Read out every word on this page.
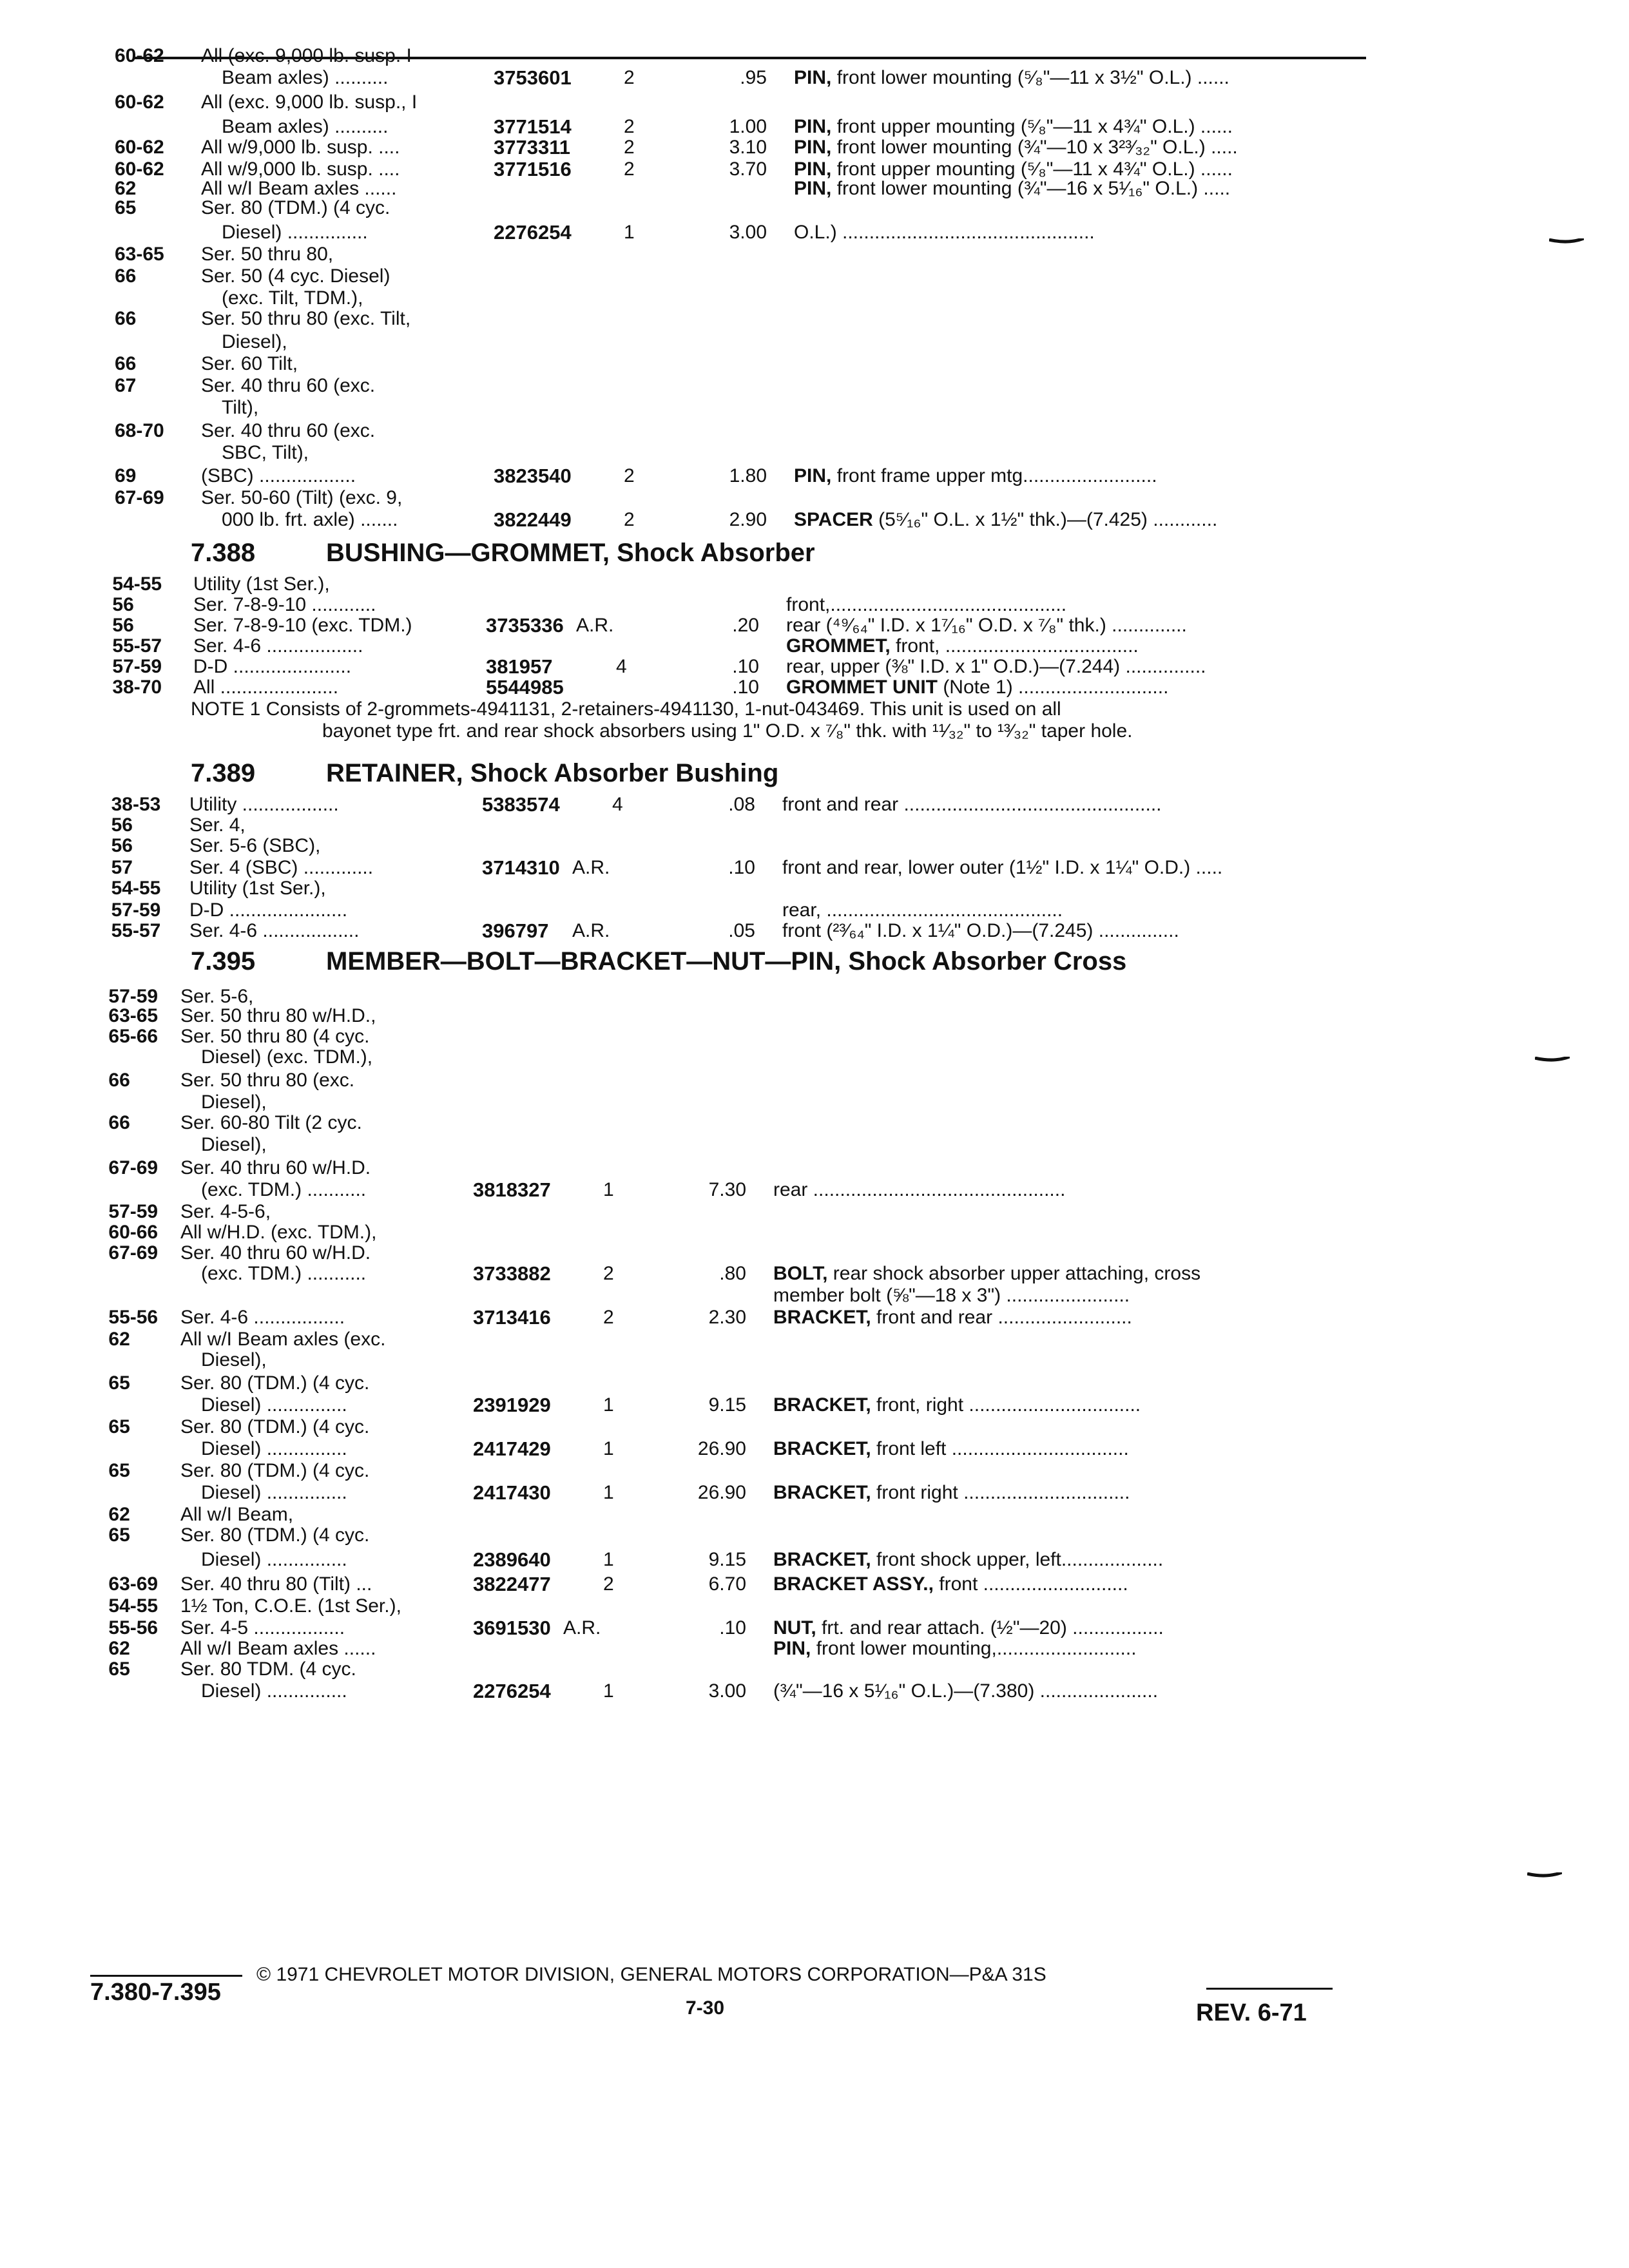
60-62 All (exc. 9,000 lb. susp. I
Beam axles) ..........	3753601	2	.95 PIN, front lower mounting (⁵⁄₈"—11 x 3½" O.L.) ......
60-62 All (exc. 9,000 lb. susp., I
Beam axles) ..........	3771514	2	1.00 PIN, front upper mounting (⁵⁄₈"—11 x 4¾" O.L.) ......
60-62 All w/9,000 lb. susp. ....	3773311	2	3.10 PIN, front lower mounting (¾"—10 x 3²³⁄₃₂" O.L.) .....
60-62 All w/9,000 lb. susp. ....	3771516	2	3.70 PIN, front upper mounting (⁵⁄₈"—11 x 4¾" O.L.) ......
62	All w/I Beam axles ......	PIN, front lower mounting (¾"—16 x 5¹⁄₁₆" O.L.) .....
65	Ser. 80 (TDM.) (4 cyc.
Diesel) ...............	2276254	1	3.00 O.L.) ...............................................
63-65 Ser. 50 thru 80,
66	Ser. 50 (4 cyc. Diesel)
(exc. Tilt, TDM.),
66	Ser. 50 thru 80 (exc. Tilt,
Diesel),
66	Ser. 60 Tilt,
67	Ser. 40 thru 60 (exc.
Tilt),
68-70 Ser. 40 thru 60 (exc.
SBC, Tilt),
69	(SBC) ..................	3823540	2	1.80 PIN, front frame upper mtg.........................
67-69 Ser. 50-60 (Tilt) (exc. 9,
000 lb. frt. axle) .......	3822449	2	2.90 SPACER (5⁵⁄₁₆" O.L. x 1½" thk.)—(7.425) ............
7.388	BUSHING—GROMMET, Shock Absorber
54-55 Utility (1st Ser.),
56	Ser. 7-8-9-10 ............	front,............................................
56	Ser. 7-8-9-10 (exc. TDM.)	3735336 A.R.	.20 rear (⁴⁹⁄₆₄" I.D. x 1⁷⁄₁₆" O.D. x ⁷⁄₈" thk.) ..............
55-57 Ser. 4-6 ..................	GROMMET, front, ....................................
57-59 D-D ......................	381957	4	.10 rear, upper (⅜" I.D. x 1" O.D.)—(7.244) ...............
38-70 All ......................	5544985	.10 GROMMET UNIT (Note 1) ............................
NOTE 1 Consists of 2-grommets-4941131, 2-retainers-4941130, 1-nut-043469. This unit is used on all
bayonet type frt. and rear shock absorbers using 1" O.D. x ⁷⁄₈" thk. with ¹¹⁄₃₂" to ¹³⁄₃₂" taper hole.
7.389	RETAINER, Shock Absorber Bushing
38-53 Utility ..................	5383574	4	.08 front and rear ................................................
56	Ser. 4,
56	Ser. 5-6 (SBC),
57	Ser. 4 (SBC) .............	3714310 A.R.	.10 front and rear, lower outer (1½" I.D. x 1¼" O.D.) .....
54-55 Utility (1st Ser.),
57-59 D-D ......................	rear, ............................................
55-57 Ser. 4-6 ..................	396797 A.R.	.05 front (²³⁄₆₄" I.D. x 1¼" O.D.)—(7.245) ...............
7.395	MEMBER—BOLT—BRACKET—NUT—PIN, Shock Absorber Cross
57-59 Ser. 5-6,
63-65 Ser. 50 thru 80 w/H.D.,
65-66 Ser. 50 thru 80 (4 cyc.
Diesel) (exc. TDM.),
66	Ser. 50 thru 80 (exc.
Diesel),
66	Ser. 60-80 Tilt (2 cyc.
Diesel),
67-69 Ser. 40 thru 60 w/H.D.
(exc. TDM.) ...........	3818327	1	7.30 rear ...............................................
57-59 Ser. 4-5-6,
60-66 All w/H.D. (exc. TDM.),
67-69 Ser. 40 thru 60 w/H.D.
(exc. TDM.) ...........	3733882	2	.80 BOLT, rear shock absorber upper attaching, cross
member bolt (⅝"—18 x 3") .......................
55-56 Ser. 4-6 .................	3713416	2	2.30 BRACKET, front and rear .........................
62	All w/I Beam axles (exc.
Diesel),
65	Ser. 80 (TDM.) (4 cyc.
Diesel) ...............	2391929	1	9.15 BRACKET, front, right ................................
65	Ser. 80 (TDM.) (4 cyc.
Diesel) ...............	2417429	1	26.90 BRACKET, front left .................................
65	Ser. 80 (TDM.) (4 cyc.
Diesel) ...............	2417430	1	26.90 BRACKET, front right ...............................
62	All w/I Beam,
65	Ser. 80 (TDM.) (4 cyc.
Diesel) ...............	2389640	1	9.15 BRACKET, front shock upper, left...................
63-69 Ser. 40 thru 80 (Tilt) ...	3822477	2	6.70 BRACKET ASSY., front ...........................
54-55 1½ Ton, C.O.E. (1st Ser.),
55-56 Ser. 4-5 .................	3691530 A.R.	.10 NUT, frt. and rear attach. (½"—20) .................
62	All w/I Beam axles ......	PIN, front lower mounting,..........................
65	Ser. 80 TDM. (4 cyc.
Diesel) ...............	2276254	1	3.00 (¾"—16 x 5¹⁄₁₆" O.L.)—(7.380) ......................
© 1971 CHEVROLET MOTOR DIVISION, GENERAL MOTORS CORPORATION—P&A 31S
7.380-7.395
7-30	REV. 6-71
